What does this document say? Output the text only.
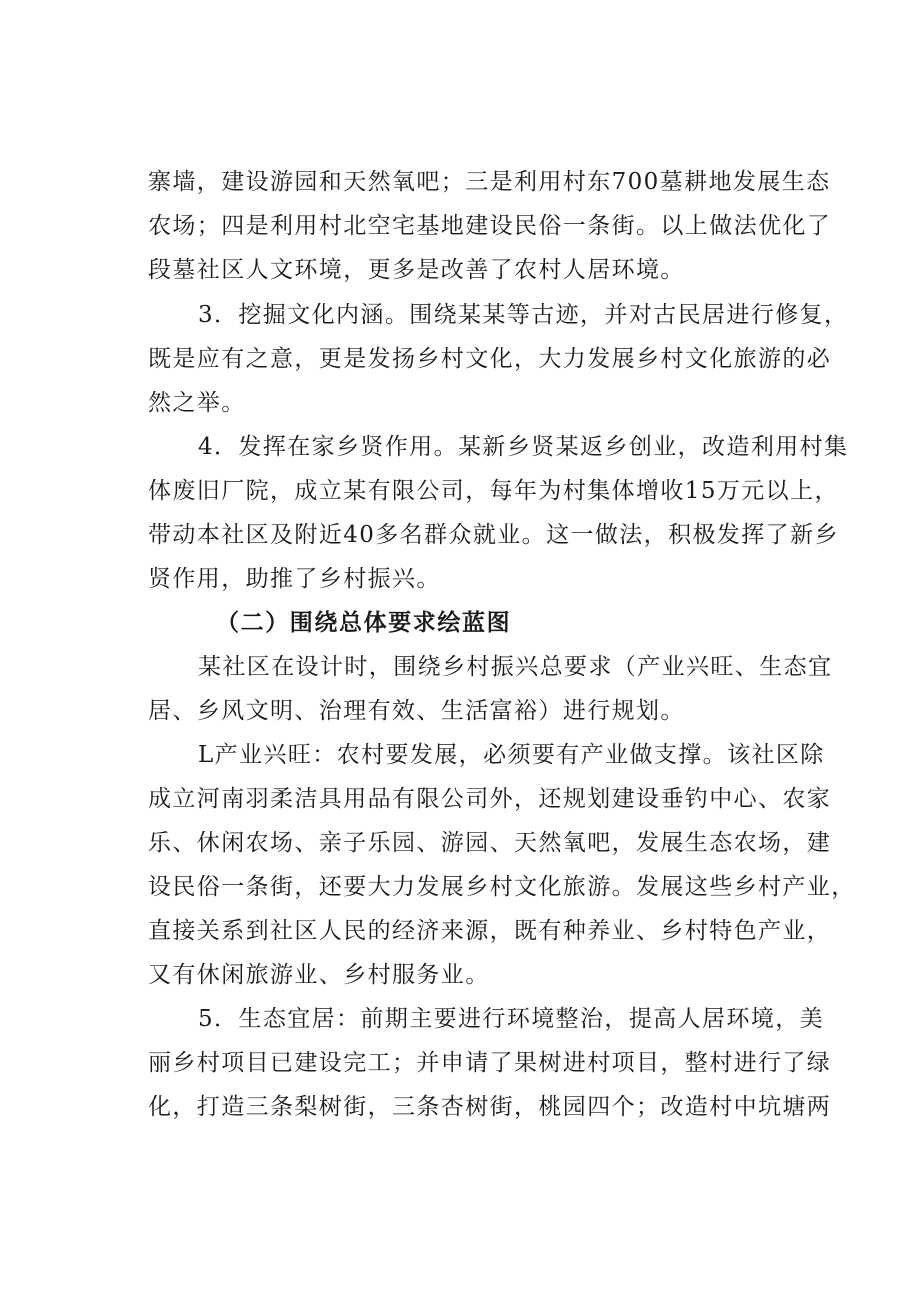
寨墙，建设游园和天然氧吧；三是利用村东700墓耕地发展生态
农场；四是利用村北空宅基地建设民俗一条街。以上做法优化了
段墓社区人文环境，更多是改善了农村人居环境。
3．挖掘文化内涵。围绕某某等古迹，并对古民居进行修复，
既是应有之意，更是发扬乡村文化，大力发展乡村文化旅游的必
然之举。
4．发挥在家乡贤作用。某新乡贤某返乡创业，改造利用村集
体废旧厂院，成立某有限公司，每年为村集体增收15万元以上，
带动本社区及附近40多名群众就业。这一做法，积极发挥了新乡
贤作用，助推了乡村振兴。
（二）围绕总体要求绘蓝图
某社区在设计时，围绕乡村振兴总要求（产业兴旺、生态宜
居、乡风文明、治理有效、生活富裕）进行规划。
L产业兴旺：农村要发展，必须要有产业做支撑。该社区除
成立河南羽柔洁具用品有限公司外，还规划建设垂钓中心、农家
乐、休闲农场、亲子乐园、游园、天然氧吧，发展生态农场，建
设民俗一条街，还要大力发展乡村文化旅游。发展这些乡村产业，
直接关系到社区人民的经济来源，既有种养业、乡村特色产业，
又有休闲旅游业、乡村服务业。
5．生态宜居：前期主要进行环境整治，提高人居环境，美
丽乡村项目已建设完工；并申请了果树进村项目，整村进行了绿
化，打造三条梨树街，三条杏树街，桃园四个；改造村中坑塘两
